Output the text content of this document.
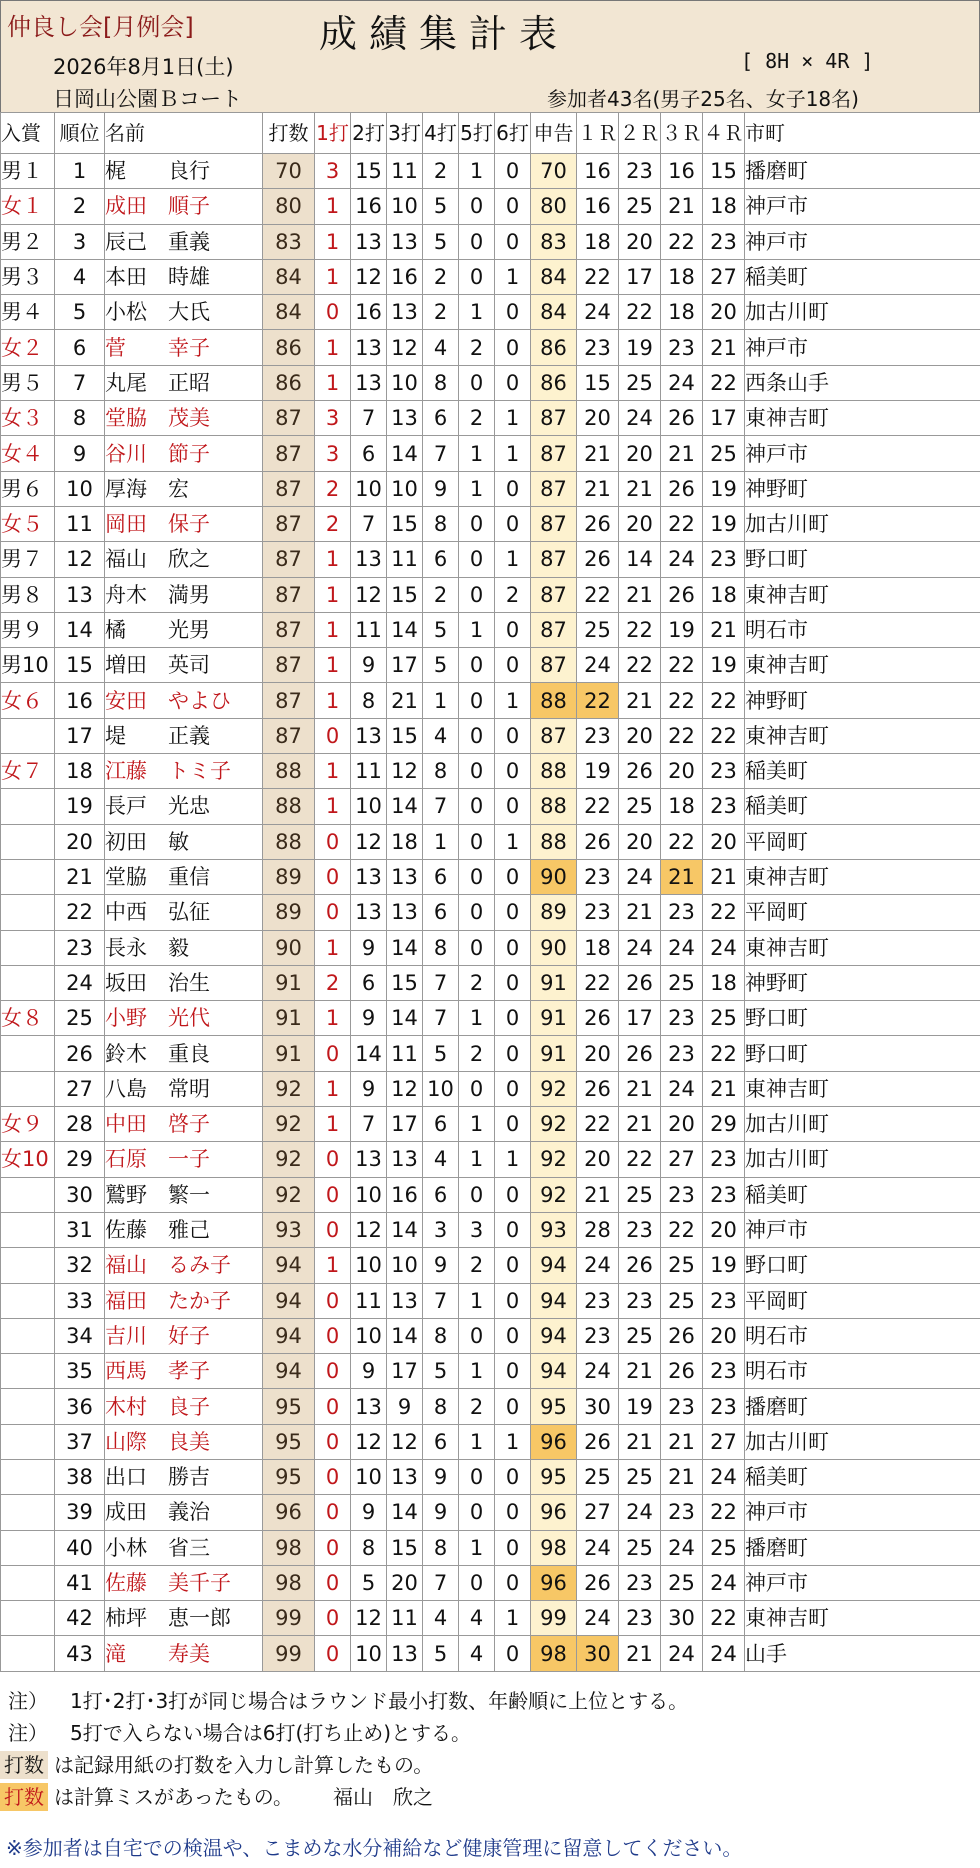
仲良し会[月例会]	成績集計表
2026年8月1日(土)
日岡山公園Ｂコート
[ 8H × 4R ]
参加者43名(男子25名、女子18名)
入賞	順位	名前	打数	1打	2打	3打	4打	5打	6打	申告	１Ｒ	２Ｒ	３Ｒ	４Ｒ	市町
男１	1	梶　　良行	70	3	15	11	2	1	0	70	16	23	16	15	播磨町
女１	2	成田　順子	80	1	16	10	5	0	0	80	16	25	21	18	神戸市
男２	3	辰己　重義	83	1	13	13	5	0	0	83	18	20	22	23	神戸市
男３	4	本田　時雄	84	1	12	16	2	0	1	84	22	17	18	27	稲美町
男４	5	小松　大氏	84	0	16	13	2	1	0	84	24	22	18	20	加古川町
女２	6	菅　　幸子	86	1	13	12	4	2	0	86	23	19	23	21	神戸市
男５	7	丸尾　正昭	86	1	13	10	8	0	0	86	15	25	24	22	西条山手
女３	8	堂脇　茂美	87	3	7	13	6	2	1	87	20	24	26	17	東神吉町
女４	9	谷川　節子	87	3	6	14	7	1	1	87	21	20	21	25	神戸市
男６	10	厚海　宏	87	2	10	10	9	1	0	87	21	21	26	19	神野町
女５	11	岡田　保子	87	2	7	15	8	0	0	87	26	20	22	19	加古川町
男７	12	福山　欣之	87	1	13	11	6	0	1	87	26	14	24	23	野口町
男８	13	舟木　満男	87	1	12	15	2	0	2	87	22	21	26	18	東神吉町
男９	14	橘　　光男	87	1	11	14	5	1	0	87	25	22	19	21	明石市
男10	15	増田　英司	87	1	9	17	5	0	0	87	24	22	22	19	東神吉町
女６	16	安田　やよひ	87	1	8	21	1	0	1	88	22	21	22	22	神野町
	17	堤　　正義	87	0	13	15	4	0	0	87	23	20	22	22	東神吉町
女７	18	江藤　トミ子	88	1	11	12	8	0	0	88	19	26	20	23	稲美町
	19	長戸　光忠	88	1	10	14	7	0	0	88	22	25	18	23	稲美町
	20	初田　敏	88	0	12	18	1	0	1	88	26	20	22	20	平岡町
	21	堂脇　重信	89	0	13	13	6	0	0	90	23	24	21	21	東神吉町
	22	中西　弘征	89	0	13	13	6	0	0	89	23	21	23	22	平岡町
	23	長永　毅	90	1	9	14	8	0	0	90	18	24	24	24	東神吉町
	24	坂田　治生	91	2	6	15	7	2	0	91	22	26	25	18	神野町
女８	25	小野　光代	91	1	9	14	7	1	0	91	26	17	23	25	野口町
	26	鈴木　重良	91	0	14	11	5	2	0	91	20	26	23	22	野口町
	27	八島　常明	92	1	9	12	10	0	0	92	26	21	24	21	東神吉町
女９	28	中田　啓子	92	1	7	17	6	1	0	92	22	21	20	29	加古川町
女10	29	石原　一子	92	0	13	13	4	1	1	92	20	22	27	23	加古川町
	30	鷲野　繁一	92	0	10	16	6	0	0	92	21	25	23	23	稲美町
	31	佐藤　雅己	93	0	12	14	3	3	0	93	28	23	22	20	神戸市
	32	福山　るみ子	94	1	10	10	9	2	0	94	24	26	25	19	野口町
	33	福田　たか子	94	0	11	13	7	1	0	94	23	23	25	23	平岡町
	34	吉川　好子	94	0	10	14	8	0	0	94	23	25	26	20	明石市
	35	西馬　孝子	94	0	9	17	5	1	0	94	24	21	26	23	明石市
	36	木村　良子	95	0	13	9	8	2	0	95	30	19	23	23	播磨町
	37	山際　良美	95	0	12	12	6	1	1	96	26	21	21	27	加古川町
	38	出口　勝吉	95	0	10	13	9	0	0	95	25	25	21	24	稲美町
	39	成田　義治	96	0	9	14	9	0	0	96	27	24	23	22	神戸市
	40	小林　省三	98	0	8	15	8	1	0	98	24	25	24	25	播磨町
	41	佐藤　美千子	98	0	5	20	7	0	0	96	26	23	25	24	神戸市
	42	柿坪　恵一郎	99	0	12	11	4	4	1	99	24	23	30	22	東神吉町
	43	滝　　寿美	99	0	10	13	5	4	0	98	30	21	24	24	山手
注） 1打･2打･3打が同じ場合はラウンド最小打数、年齢順に上位とする。
注） 5打で入らない場合は6打(打ち止め)とする。
打数 は記録用紙の打数を入力し計算したもの。
打数 は計算ミスがあったもの。 福山　欣之
※参加者は自宅での検温や、こまめな水分補給など健康管理に留意してください。
